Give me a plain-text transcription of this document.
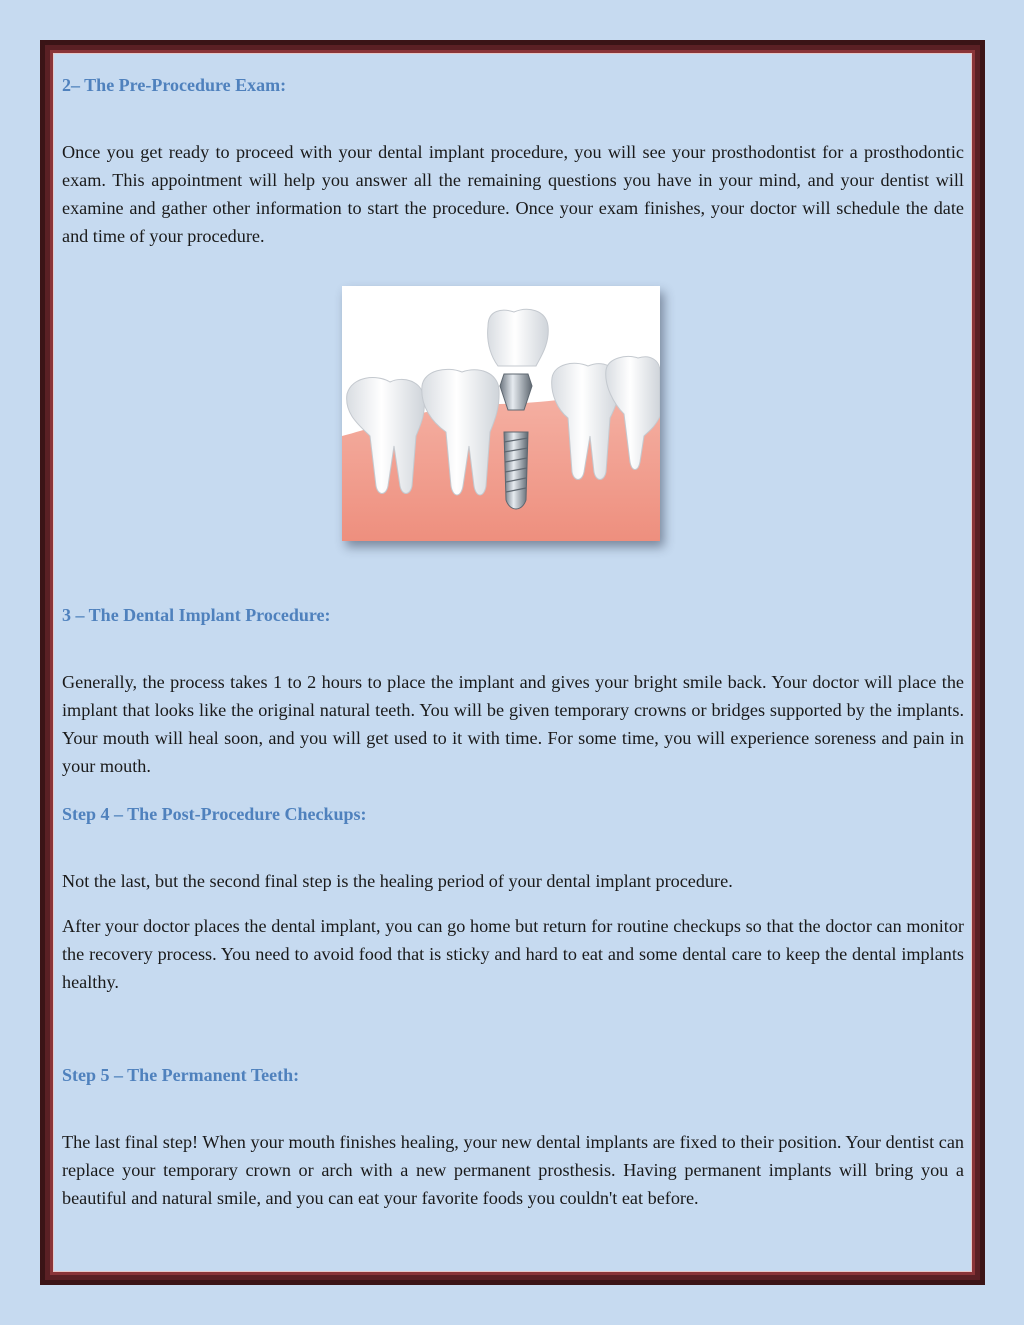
2– The Pre-Procedure Exam:

Once you get ready to proceed with your dental implant procedure, you will see your prosthodontist for a prosthodontic exam. This appointment will help you answer all the remaining questions you have in your mind, and your dentist will examine and gather other information to start the procedure. Once your exam finishes, your doctor will schedule the date and time of your procedure.

3 – The Dental Implant Procedure:

Generally, the process takes 1 to 2 hours to place the implant and gives your bright smile back. Your doctor will place the implant that looks like the original natural teeth. You will be given temporary crowns or bridges supported by the implants. Your mouth will heal soon, and you will get used to it with time. For some time, you will experience soreness and pain in your mouth.

Step 4 – The Post-Procedure Checkups:

Not the last, but the second final step is the healing period of your dental implant procedure.

After your doctor places the dental implant, you can go home but return for routine checkups so that the doctor can monitor the recovery process. You need to avoid food that is sticky and hard to eat and some dental care to keep the dental implants healthy.

Step 5 – The Permanent Teeth:

The last final step! When your mouth finishes healing, your new dental implants are fixed to their position. Your dentist can replace your temporary crown or arch with a new permanent prosthesis. Having permanent implants will bring you a beautiful and natural smile, and you can eat your favorite foods you couldn't eat before.
